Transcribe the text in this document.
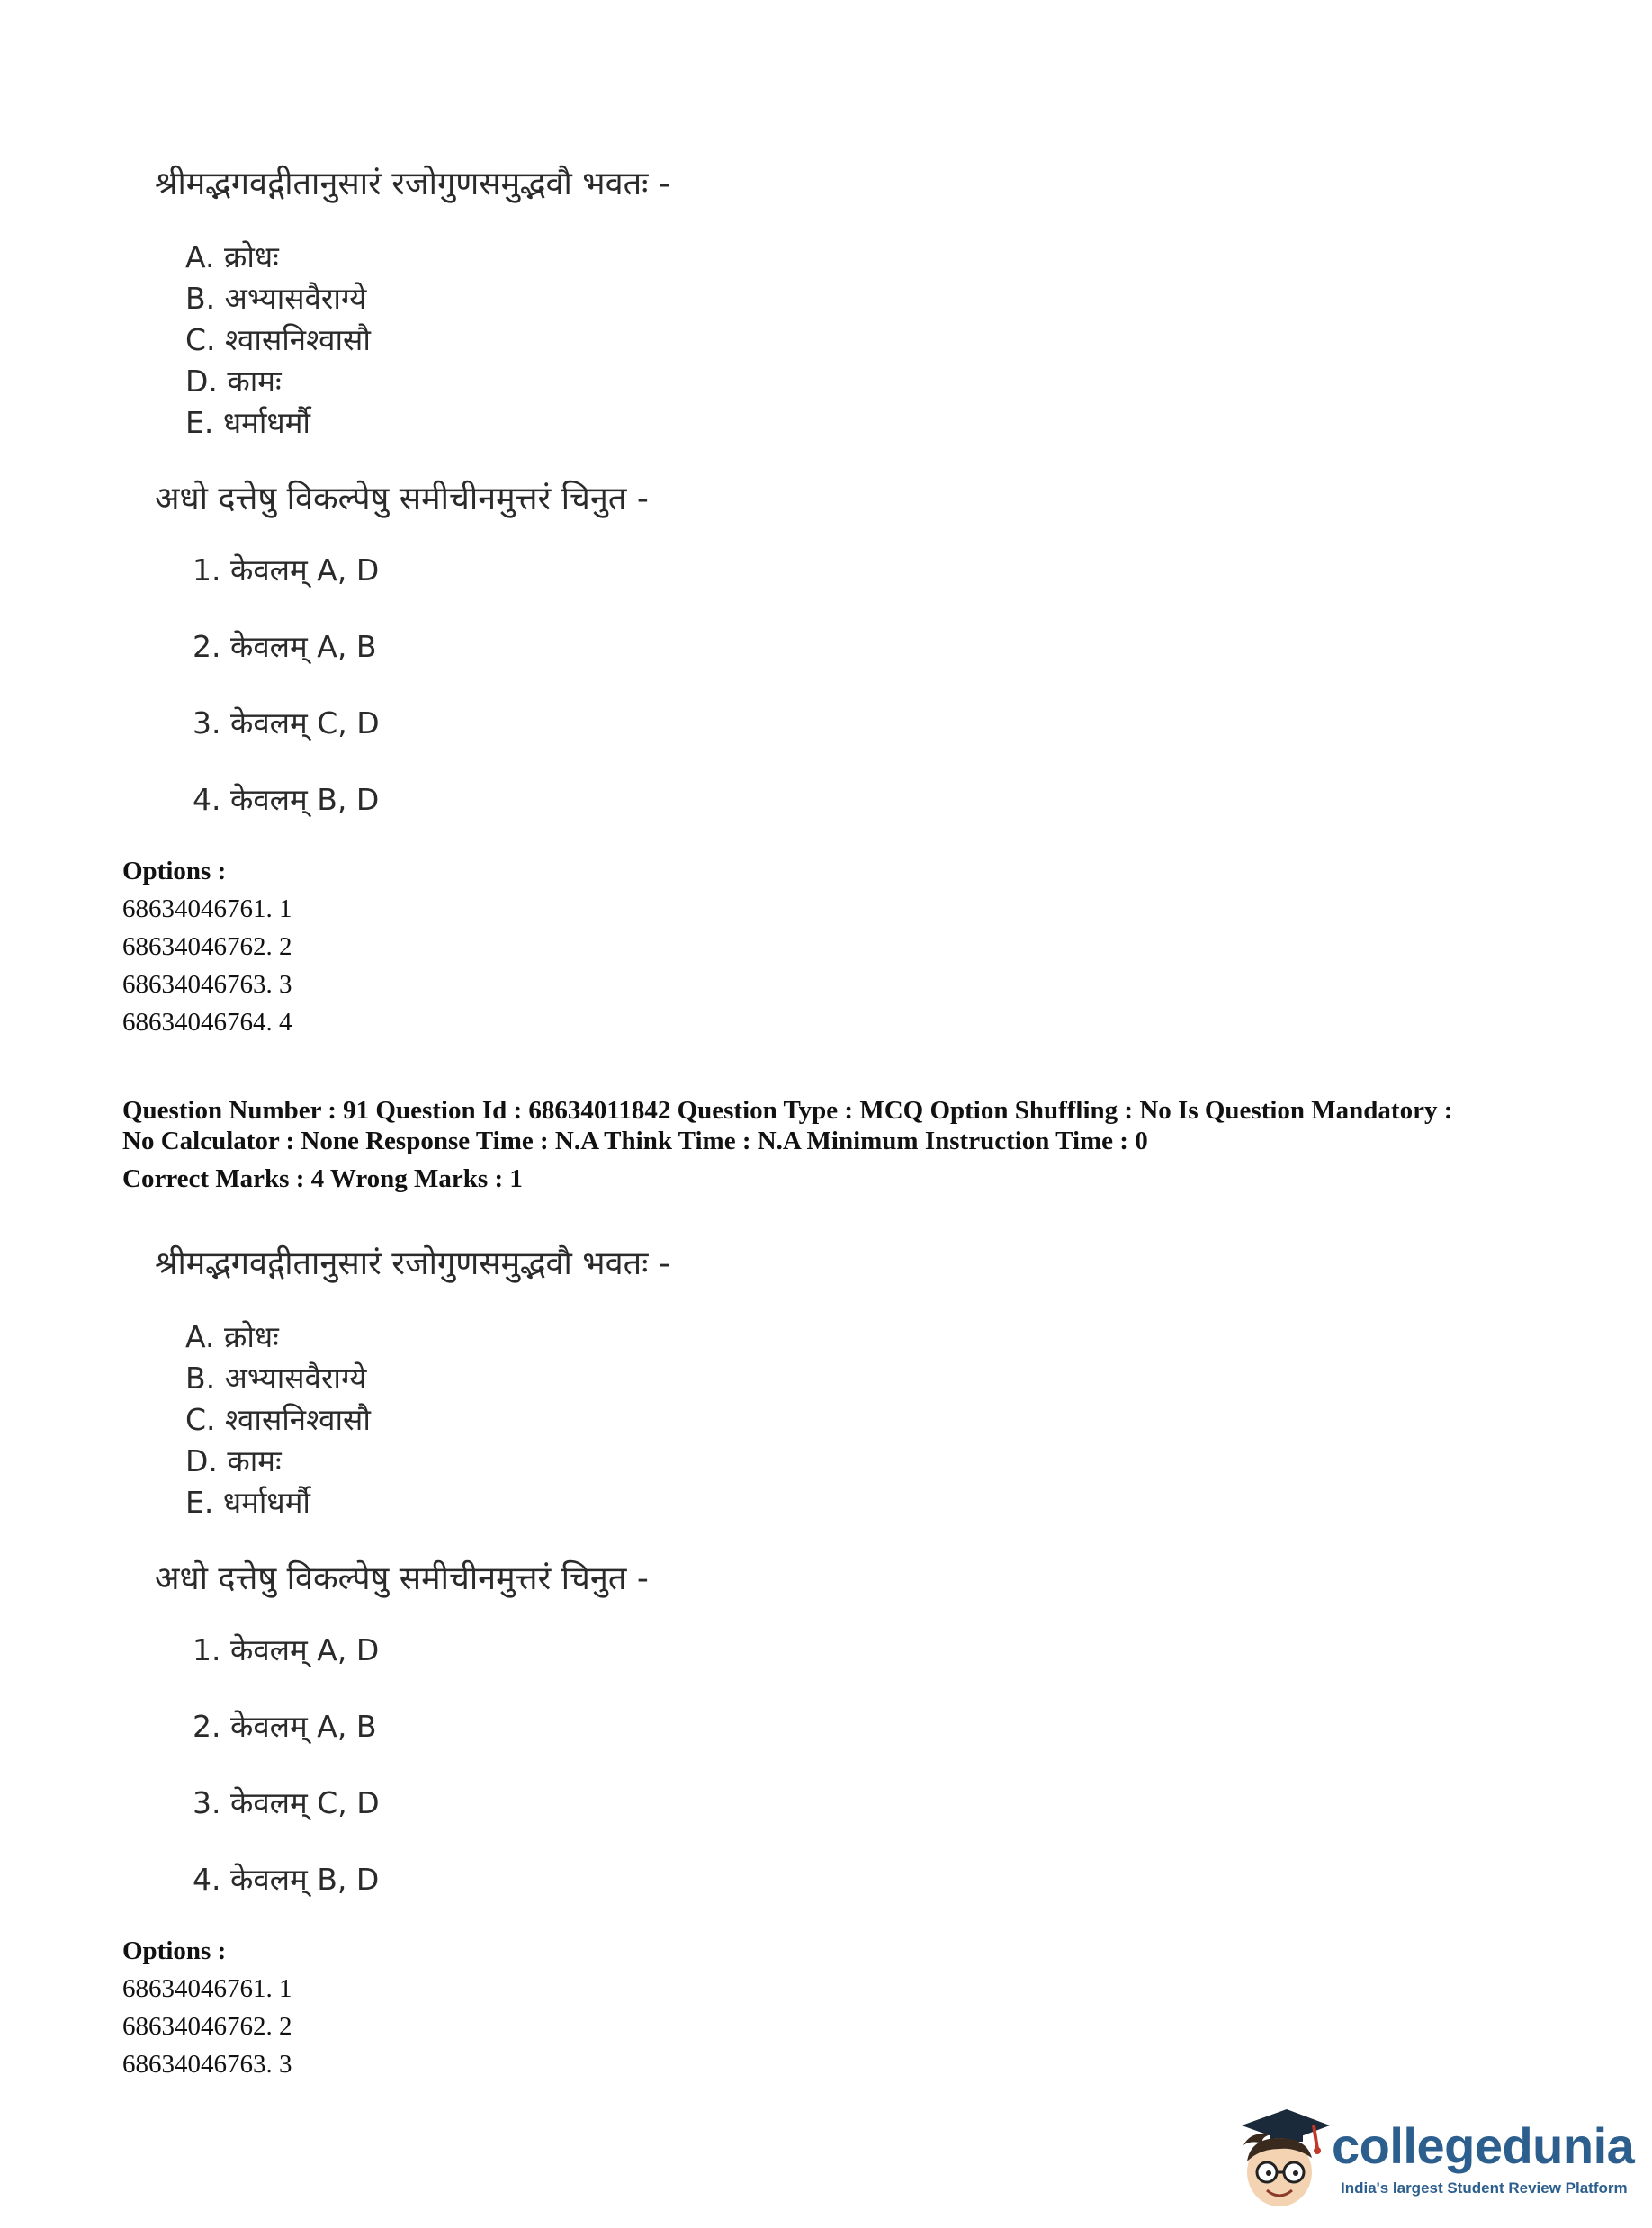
श्रीमद्भगवद्गीतानुसारं रजोगुणसमुद्भवौ भवतः -
A. क्रोधः
B. अभ्यासवैराग्ये
C. श्वासनिश्वासौ
D. कामः
E. धर्माधर्मौ
अधो दत्तेषु विकल्पेषु समीचीनमुत्तरं चिनुत -
1. केवलम् A, D
2. केवलम् A, B
3. केवलम् C, D
4. केवलम् B, D
Options :
68634046761. 1
68634046762. 2
68634046763. 3
68634046764. 4
Question Number : 91 Question Id : 68634011842 Question Type : MCQ Option Shuffling : No Is Question Mandatory :
No Calculator : None Response Time : N.A Think Time : N.A Minimum Instruction Time : 0
Correct Marks : 4 Wrong Marks : 1
श्रीमद्भगवद्गीतानुसारं रजोगुणसमुद्भवौ भवतः -
A. क्रोधः
B. अभ्यासवैराग्ये
C. श्वासनिश्वासौ
D. कामः
E. धर्माधर्मौ
अधो दत्तेषु विकल्पेषु समीचीनमुत्तरं चिनुत -
1. केवलम् A, D
2. केवलम् A, B
3. केवलम् C, D
4. केवलम् B, D
Options :
68634046761. 1
68634046762. 2
68634046763. 3
collegedunia
India's largest Student Review Platform
